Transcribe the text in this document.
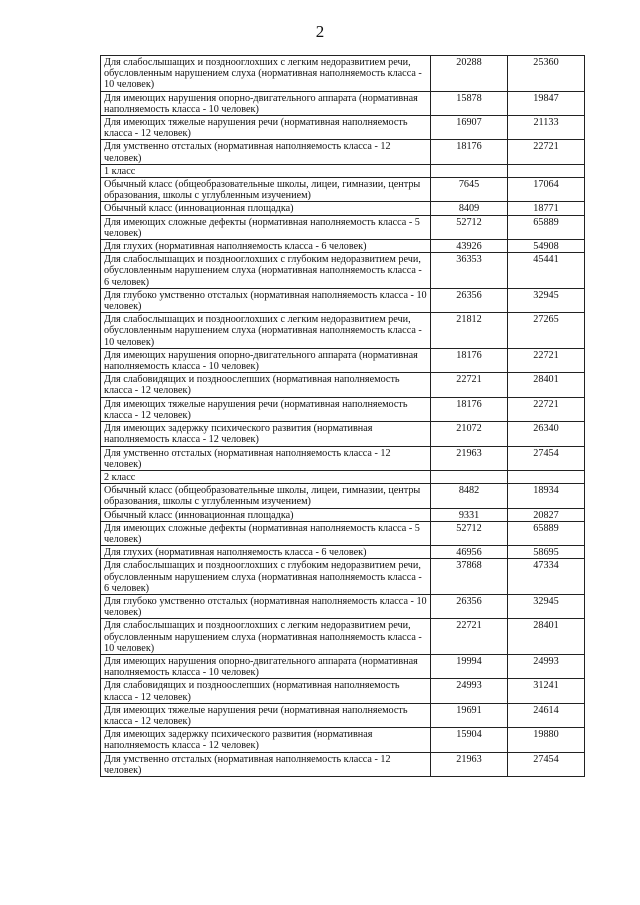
2
Для слабослышащих и позднооглохших с легким недоразвитием речи, обусловленным нарушением слуха (нормативная наполняемость класса - 10 человек)	20288	25360
Для имеющих нарушения опорно-двигательного аппарата (нормативная наполняемость класса - 10 человек)	15878	19847
Для имеющих тяжелые нарушения речи (нормативная наполняемость класса - 12 человек)	16907	21133
Для умственно отсталых (нормативная наполняемость класса - 12 человек)	18176	22721
1 класс		
Обычный класс (общеобразовательные школы, лицеи, гимназии, центры образования, школы с углубленным изучением)	7645	17064
Обычный класс (инновационная площадка)	8409	18771
Для имеющих сложные дефекты (нормативная наполняемость класса - 5 человек)	52712	65889
Для глухих (нормативная наполняемость класса - 6 человек)	43926	54908
Для слабослышащих и позднооглохших с глубоким недоразвитием речи, обусловленным нарушением слуха (нормативная наполняемость класса - 6 человек)	36353	45441
Для глубоко умственно отсталых (нормативная наполняемость класса - 10 человек)	26356	32945
Для слабослышащих и позднооглохших с легким недоразвитием речи, обусловленным нарушением слуха (нормативная наполняемость класса - 10 человек)	21812	27265
Для имеющих нарушения опорно-двигательного аппарата (нормативная наполняемость класса - 10 человек)	18176	22721
Для слабовидящих и поздноослепших (нормативная наполняемость класса - 12 человек)	22721	28401
Для имеющих тяжелые нарушения речи (нормативная наполняемость класса - 12 человек)	18176	22721
Для имеющих задержку психического развития (нормативная наполняемость класса - 12 человек)	21072	26340
Для умственно отсталых (нормативная наполняемость класса - 12 человек)	21963	27454
2 класс		
Обычный класс (общеобразовательные школы, лицеи, гимназии, центры образования, школы с углубленным изучением)	8482	18934
Обычный класс (инновационная площадка)	9331	20827
Для имеющих сложные дефекты (нормативная наполняемость класса - 5 человек)	52712	65889
Для глухих (нормативная наполняемость класса - 6 человек)	46956	58695
Для слабослышащих и позднооглохших с глубоким недоразвитием речи, обусловленным нарушением слуха (нормативная наполняемость класса - 6 человек)	37868	47334
Для глубоко умственно отсталых (нормативная наполняемость класса - 10 человек)	26356	32945
Для слабослышащих и позднооглохших с легким недоразвитием речи, обусловленным нарушением слуха (нормативная наполняемость класса - 10 человек)	22721	28401
Для имеющих нарушения опорно-двигательного аппарата (нормативная наполняемость класса - 10 человек)	19994	24993
Для слабовидящих и поздноослепших (нормативная наполняемость класса - 12 человек)	24993	31241
Для имеющих тяжелые нарушения речи (нормативная наполняемость класса - 12 человек)	19691	24614
Для имеющих задержку психического развития (нормативная наполняемость класса - 12 человек)	15904	19880
Для умственно отсталых (нормативная наполняемость класса - 12 человек)	21963	27454
